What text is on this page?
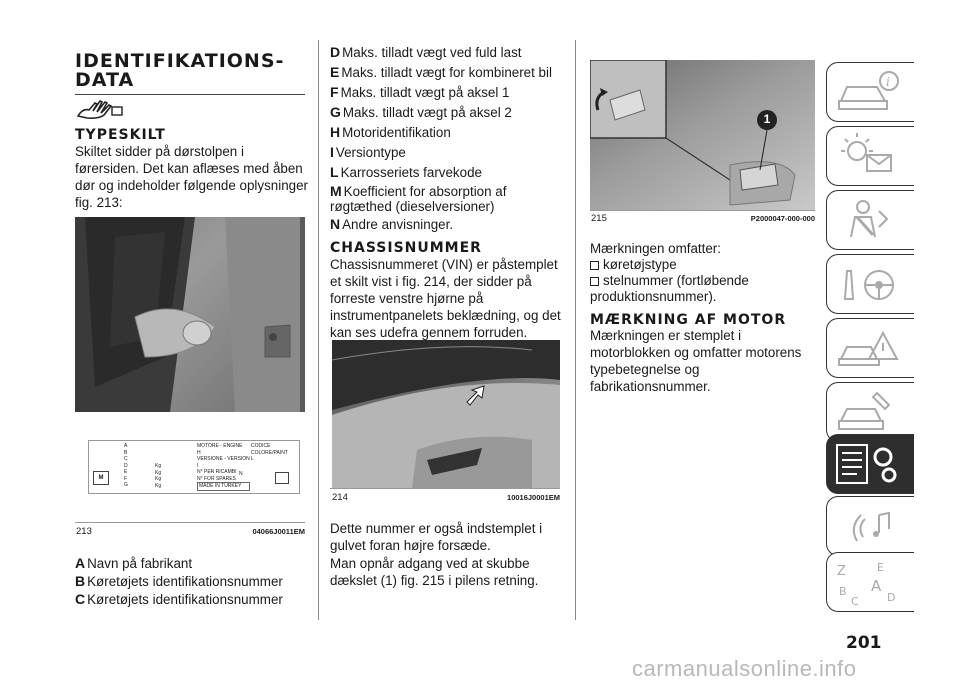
IDENTIFIKATIONS-
DATA
TYPESKILT
Skiltet sidder på dørstolpen i førersiden. Det kan aflæses med åben dør og indeholder følgende oplysninger fig. 213:
M
A
B
C
D
E
F
G
Kg
Kg
Kg
Kg
MOTORE - ENGINE
H
VERSIONE - VERSION
I
N° PER RICAMBI
N° FOR SPARES
MADE IN TURKEY
CODICE COLORE/PAINT
L
N
213	04066J0011EM
A Navn på fabrikant
B Køretøjets identifikationsnummer
C Køretøjets identifikationsnummer
D Maks. tilladt vægt ved fuld last
E Maks. tilladt vægt for kombineret bil
F Maks. tilladt vægt på aksel 1
G Maks. tilladt vægt på aksel 2
H Motoridentifikation
I Versiontype
L Karrosseriets farvekode
M Koefficient for absorption af
røgtæthed (dieselversioner)
N Andre anvisninger.
CHASSISNUMMER
Chassisnummeret (VIN) er påstemplet et skilt vist i fig. 214, der sidder på forreste venstre hjørne på instrumentpanelets beklædning, og det kan ses udefra gennem forruden.
214	10016J0001EM
Dette nummer er også indstemplet i gulvet foran højre forsæde.
Man opnår adgang ved at skubbe dækslet (1) fig. 215 i pilens retning.
1
215	P2000047-000-000
Mærkningen omfatter:
køretøjstype
stelnummer (fortløbende
produktionsnummer).
MÆRKNING AF MOTOR
Mærkningen er stemplet i motorblokken og omfatter motorens typebetegnelse og fabrikationsnummer.
i
Z	E
B A
C	D
201
carmanualsonline.info
